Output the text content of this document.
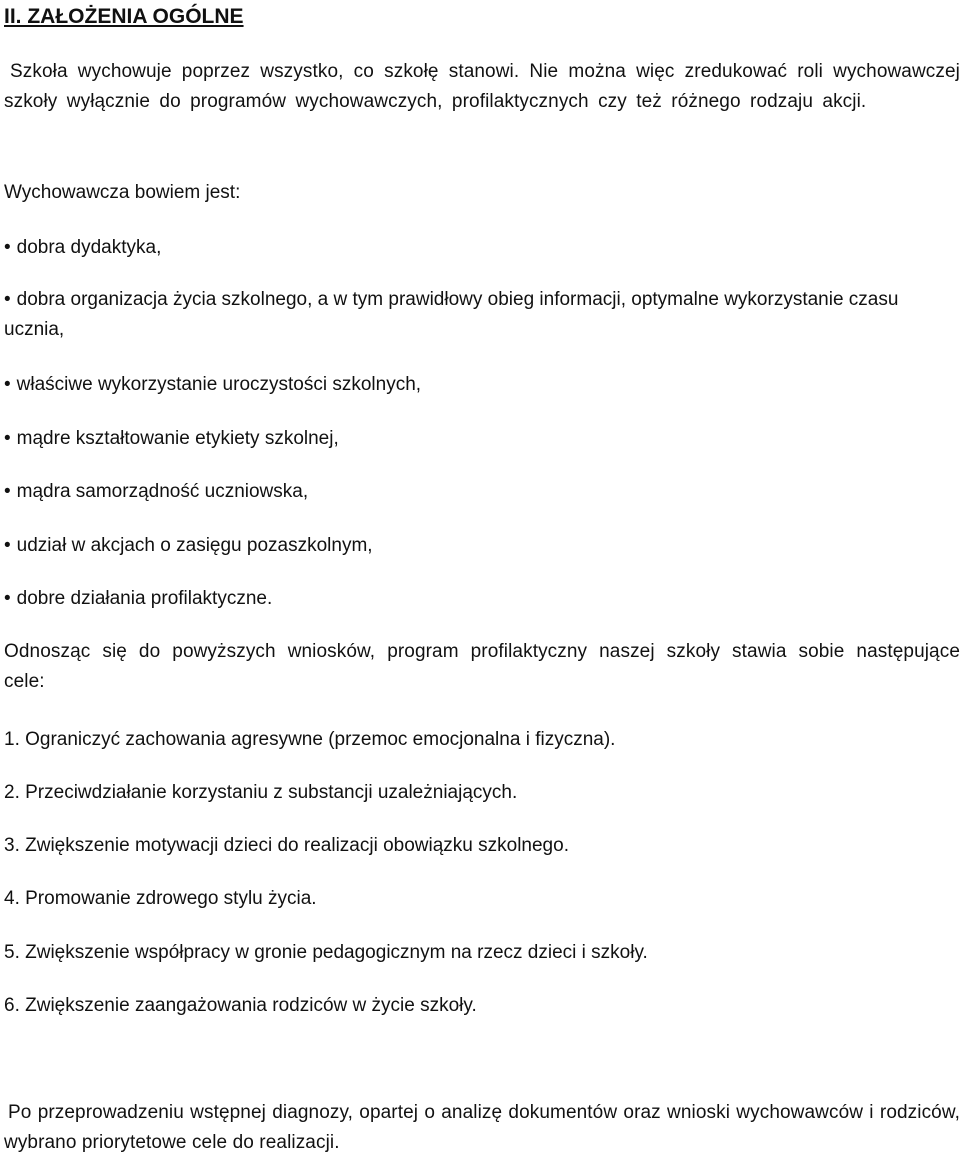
II. ZAŁOŻENIA OGÓLNE

Szkoła wychowuje poprzez wszystko, co szkołę stanowi. Nie można więc zredukować roli wychowawczej szkoły wyłącznie do programów wychowawczych, profilaktycznych czy też różnego rodzaju akcji.

Wychowawcza bowiem jest:

• dobra dydaktyka,

• dobra organizacja życia szkolnego, a w tym prawidłowy obieg informacji, optymalne wykorzystanie czasu ucznia,

• właściwe wykorzystanie uroczystości szkolnych,

• mądre kształtowanie etykiety szkolnej,

• mądra samorządność uczniowska,

• udział w akcjach o zasięgu pozaszkolnym,

• dobre działania profilaktyczne.

Odnosząc się do powyższych wniosków, program profilaktyczny naszej szkoły stawia sobie następujące cele:

1. Ograniczyć zachowania agresywne (przemoc emocjonalna i fizyczna).

2. Przeciwdziałanie korzystaniu z substancji uzależniających.

3. Zwiększenie motywacji dzieci do realizacji obowiązku szkolnego.

4. Promowanie zdrowego stylu życia.

5. Zwiększenie współpracy w gronie pedagogicznym na rzecz dzieci i szkoły.

6. Zwiększenie zaangażowania rodziców w życie szkoły.

Po przeprowadzeniu wstępnej diagnozy, opartej o analizę dokumentów oraz wnioski wychowawców i rodziców, wybrano priorytetowe cele do realizacji.
